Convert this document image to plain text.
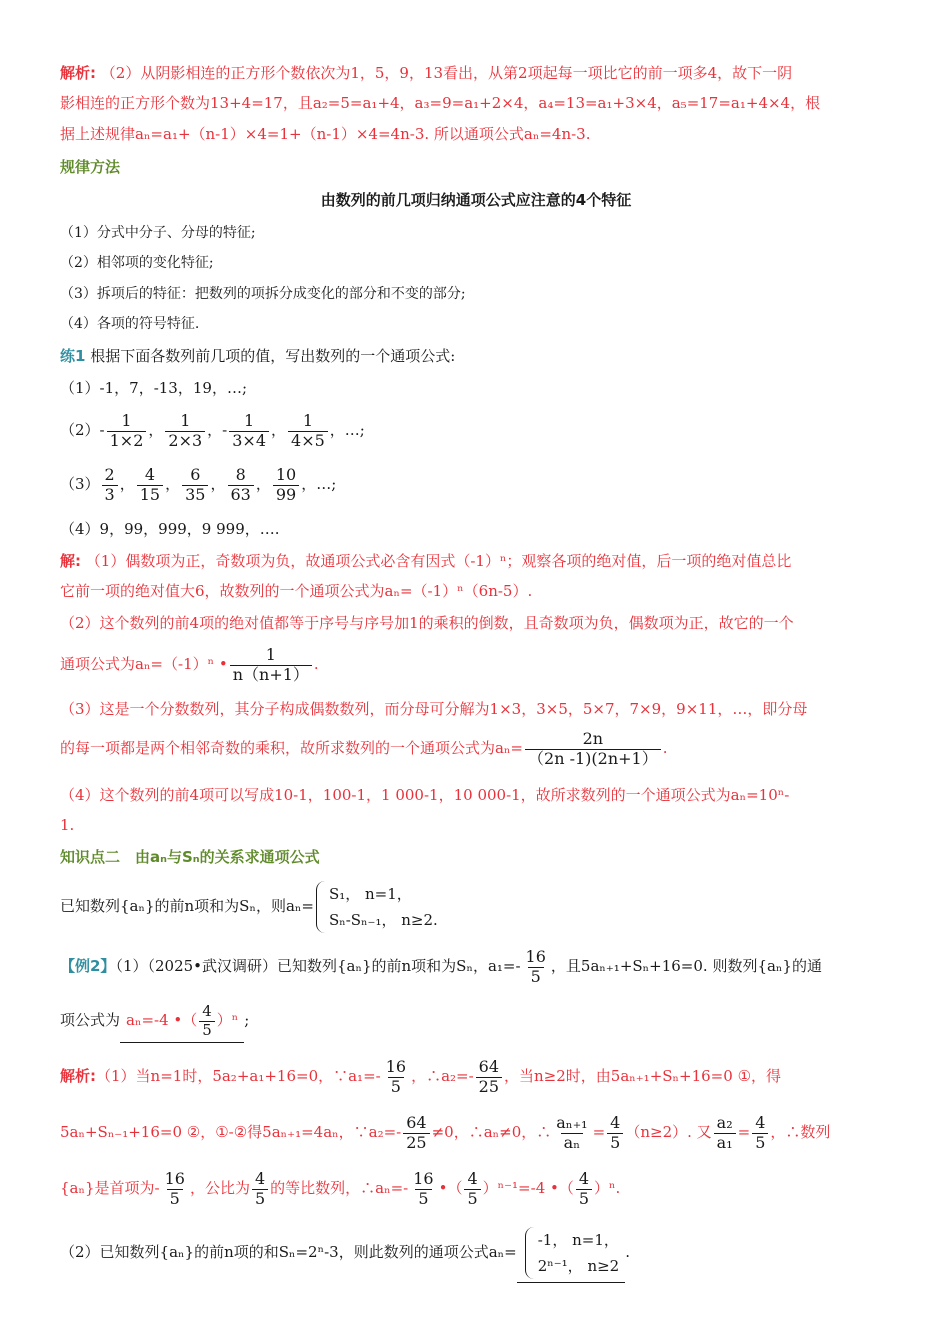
解析: （2）从阴影相连的正方形个数依次为1，5，9，13看出，从第2项起每一项比它的前一项多4，故下一阴
影相连的正方形个数为13+4=17，且a₂=5=a₁+4，a₃=9=a₁+2×4，a₄=13=a₁+3×4，a₅=17=a₁+4×4，根
据上述规律aₙ=a₁+（n-1）×4=1+（n-1）×4=4n-3. 所以通项公式aₙ=4n-3.
规律方法
由数列的前几项归纳通项公式应注意的4个特征
（1）分式中分子、分母的特征;
（2）相邻项的变化特征;
（3）拆项后的特征：把数列的项拆分成变化的部分和不变的部分;
（4）各项的符号特征.
练1 根据下面各数列前几项的值，写出数列的一个通项公式:
（1）-1，7，-13，19，…;
$(2)- \frac{1}{1\times 2}$ ， $\frac{1}{2\times 3}$ ，- $\frac{1}{3\times 4}$ ， $\frac{1}{4\times 5}$ ，…;
$(3) \frac{2}{3}$ ， $\frac{4}{15}$ ， $\frac{6}{35}$ ， $\frac{8}{63}$ ， $\frac{10}{99}$ ，…;
（4）9，99，999，9 999，….
解: （1）偶数项为正，奇数项为负，故通项公式必含有因式（-1）ⁿ；观察各项的绝对值，后一项的绝对值总比
它前一项的绝对值大6，故数列的一个通项公式为aₙ=（-1）ⁿ（6n-5）.
（2）这个数列的前4项的绝对值都等于序号与序号加1的乘积的倒数，且奇数项为负，偶数项为正，故它的一个
通项公式为aₙ=（-1）ⁿ • $\frac{1}{n(n+1)}$ .
（3）这是一个分数数列，其分子构成偶数数列，而分母可分解为1×3，3×5，5×7，7×9，9×11，…，即分母
的每一项都是两个相邻奇数的乘积，故所求数列的一个通项公式为$a_n= \frac{2n}{(2n -1)(2n+1)}$ .
（4）这个数列的前4项可以写成10-1，100-1，1 000-1，10 000-1，故所求数列的一个通项公式为aₙ=10ⁿ-
1.
知识点二　由aₙ与Sₙ的关系求通项公式
已知数列{aₙ}的前n项和为Sₙ，则aₙ=
S₁， n=1，
Sₙ-Sₙ₋₁， n≥2.
【例2】（1）（2025•武汉调研）已知数列{aₙ}的前n项和为Sₙ，$a_1=- \frac{16}{5}$ ，且5aₙ₊₁+Sₙ+16=0. 则数列{aₙ}的通
项公式为 aₙ=-4 •（ $\frac{4}{5} )^n$ ;
解析:（1）当n=1时，5a₂+a₁+16=0，∵a₁=- $\frac{16}{5}$ ，∴a₂=- $\frac{64}{25}$ ，当n≥2时，由5aₙ₊₁+Sₙ+16=0 ①，得
5aₙ+Sₙ₋₁+16=0 ②，①-②得5aₙ₊₁=4aₙ，∵a₂=- $\frac{64}{25} \ne 0$，∴aₙ≠0，∴ $\frac{\text{aₙ₊₁}}{\text{aₙ}} = \frac{4}{5} (n\ge 2)$. 又 $\frac{\text{a₂}}{\text{a₁}} = \frac{4}{5}$ ，∴数列
{aₙ}是首项为- $\frac{16}{5}$ ，公比为 $\frac{4}{5}$ 的等比数列，∴aₙ=- $\frac{16}{5}$ •（ $\frac{4}{5} )^{n-1}=-4$ •（ $\frac{4}{5} )^n$.
（2）已知数列{aₙ}的前n项的和Sₙ=2ⁿ-3，则此数列的通项公式aₙ=
-1， n=1，
2ⁿ⁻¹， n≥2
.
